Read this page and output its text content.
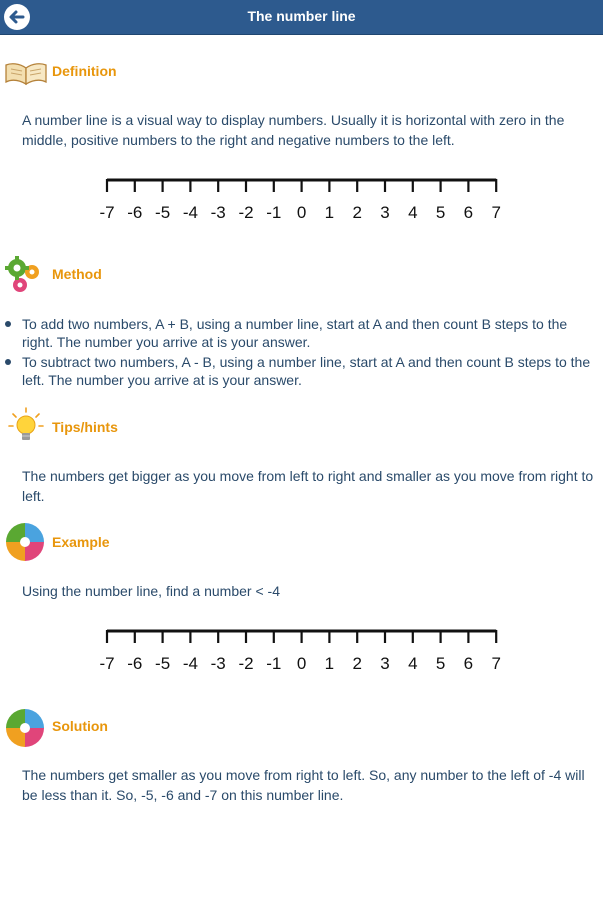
The number line
Definition
A number line is a visual way to display numbers. Usually it is horizontal with zero in the middle, positive numbers to the right and negative numbers to the left.
-7 -6 -5 -4 -3 -2 -1 0 1 2 3 4 5 6 7
Method
To add two numbers, A + B, using a number line, start at A and then count B steps to the right. The number you arrive at is your answer.
To subtract two numbers, A - B, using a number line, start at A and then count B steps to the left. The number you arrive at is your answer.
Tips/hints
The numbers get bigger as you move from left to right and smaller as you move from right to left.
Example
Using the number line, find a number < -4
-7 -6 -5 -4 -3 -2 -1 0 1 2 3 4 5 6 7
Solution
The numbers get smaller as you move from right to left. So, any number to the left of -4 will be less than it. So, -5, -6 and -7 on this number line.
